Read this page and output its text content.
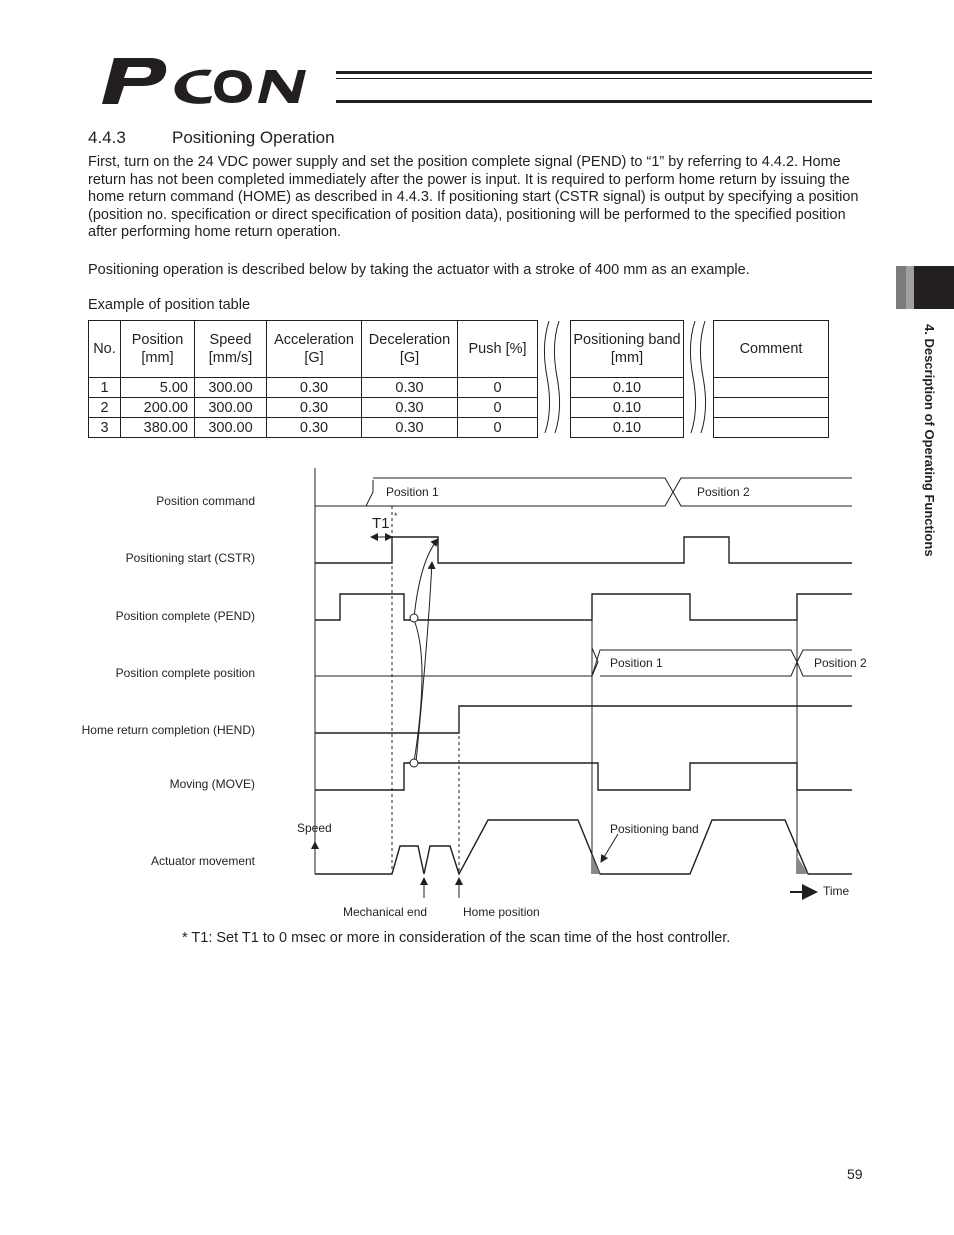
PCON
4.4.3	Positioning Operation
First, turn on the 24 VDC power supply and set the position complete signal (PEND) to “1” by referring to 4.4.2. Home return has not been completed immediately after the power is input. It is required to perform home return by issuing the home return command (HOME) as described in 4.4.3. If positioning start (CSTR signal) is output by specifying a position (position no. specification or direct specification of position data), positioning will be performed to the specified position after performing home return operation.
Positioning operation is described below by taking the actuator with a stroke of 400 mm as an example.
Example of position table
No.	Position [mm]	Speed [mm/s]	Acceleration [G]	Deceleration [G]	Push [%]		Positioning band [mm]		Comment
1	5.00	300.00	0.30	0.30	0		0.10		
2	200.00	300.00	0.30	0.30	0		0.10		
3	380.00	300.00	0.30	0.30	0		0.10			4. Description of Operating Functions
Position command
Positioning start (CSTR)
Position complete (PEND)
Position complete position
Home return completion (HEND)
Moving (MOVE)
Actuator movement
Position 1	Position 2
Position 1	Position 2
T1 *
Speed	Positioning band
Time
Mechanical end	Home position
* T1: Set T1 to 0 msec or more in consideration of the scan time of the host controller.
59
